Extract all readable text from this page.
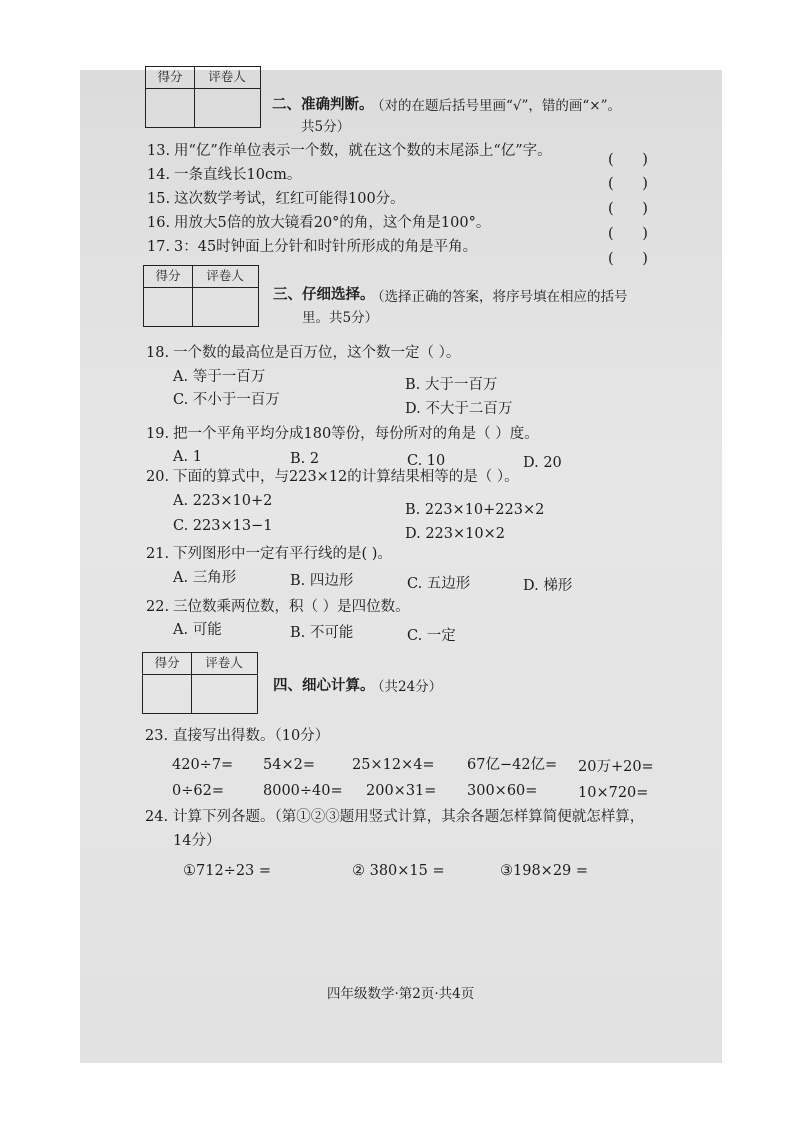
得分	评卷人
二、准确判断。
（对的在题后括号里画“√”，错的画“×”。
共5分）
13. 用“亿”作单位表示一个数，就在这个数的末尾添上“亿”字。
14. 一条直线长10cm。
15. 这次数学考试，红红可能得100分。
16. 用放大5倍的放大镜看20°的角，这个角是100°。
17. 3：45时钟面上分针和时针所形成的角是平角。
( )
( )
( )
( )
( )
得分	评卷人
三、仔细选择。
（选择正确的答案，将序号填在相应的括号
里。共5分）
18. 一个数的最高位是百万位，这个数一定（ ）。
A. 等于一百万	B. 大于一百万
C. 不小于一百万
D. 不大于二百万
19. 把一个平角平均分成180等份，每份所对的角是（ ）度。
A. 1	B. 2	C. 10	D. 20
20. 下面的算式中，与223×12的计算结果相等的是（ ）。
A. 223×10+2
B. 223×10+223×2
C. 223×13−1	D. 223×10×2
21. 下列图形中一定有平行线的是( )。
A. 三角形	B. 四边形	C. 五边形	D. 梯形
22. 三位数乘两位数，积（ ）是四位数。
A. 可能	B. 不可能	C. 一定
得分	评卷人
四、细心计算。
（共24分）
23. 直接写出得数。（10分）
420÷7= 54×2=	25×12×4= 67亿−42亿= 20万+20=
0÷62=	8000÷40= 200×31= 300×60=	10×720=
24. 计算下列各题。（第①②③题用竖式计算，其余各题怎样算简便就怎样算，
14分）
①712÷23 =	② 380×15 =	③198×29 =
四年级数学·第2页·共4页
